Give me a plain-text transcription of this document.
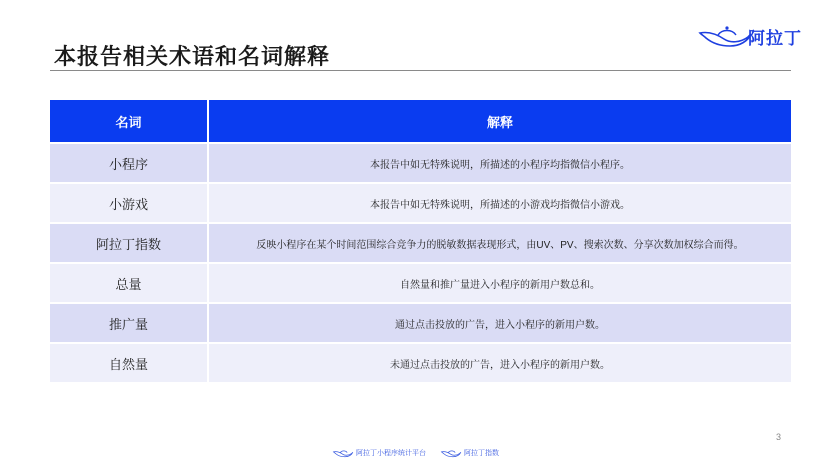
本报告相关术语和名词解释
阿拉丁
名词	解释
小程序	本报告中如无特殊说明，所描述的小程序均指微信小程序。
小游戏	本报告中如无特殊说明，所描述的小游戏均指微信小游戏。
阿拉丁指数	反映小程序在某个时间范围综合竞争力的脱敏数据表现形式，由UV、PV、搜索次数、分享次数加权综合而得。
总量	自然量和推广量进入小程序的新用户数总和。
推广量	通过点击投放的广告，进入小程序的新用户数。
自然量	未通过点击投放的广告，进入小程序的新用户数。
3
阿拉丁小程序统计平台	阿拉丁指数
